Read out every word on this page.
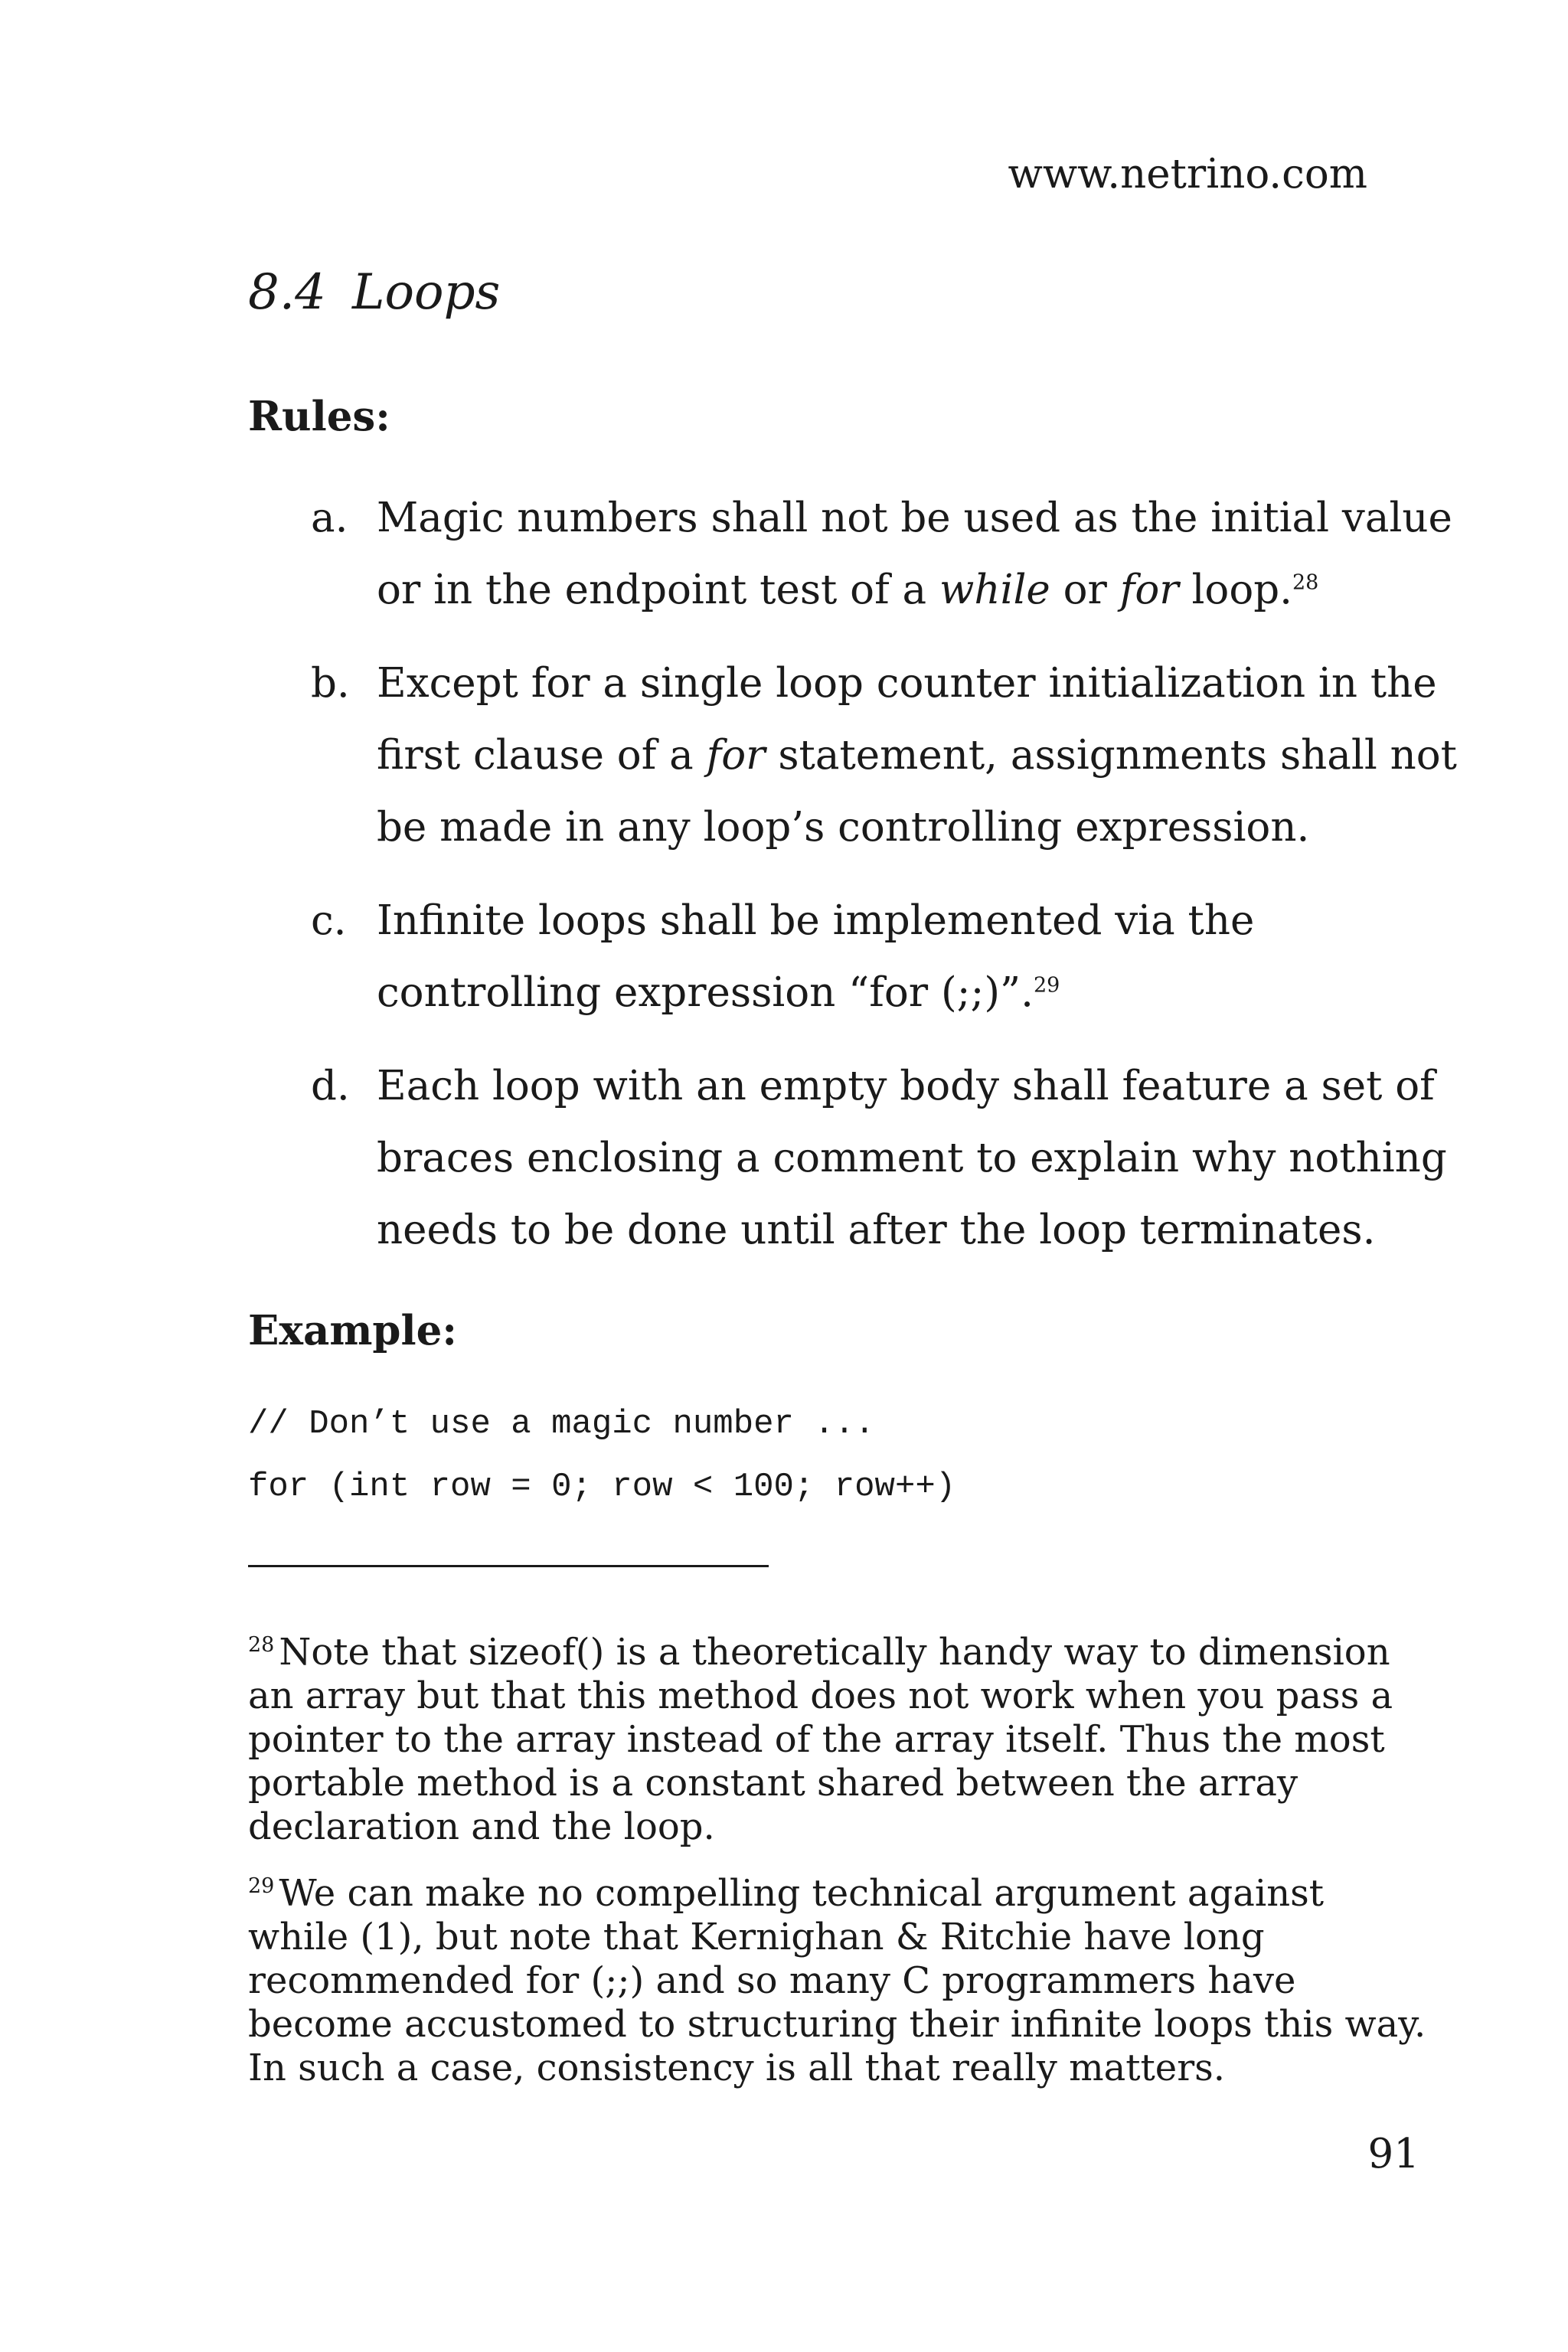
www.netrino.com
8.4 Loops
Rules:
a. Magic numbers shall not be used as the initial value or in the endpoint test of a while or for loop.$^{28}$
b. Except for a single loop counter initialization in the first clause of a for statement, assignments shall not be made in any loop’s controlling expression.
c. Infinite loops shall be implemented via the controlling expression “for (;;)”.$^{29}$
d. Each loop with an empty body shall feature a set of braces enclosing a comment to explain why nothing needs to be done until after the loop terminates.
Example:
// Don’t use a magic number ...
for (int row = 0; row < 100; row++)
$^{28}$ Note that sizeof() is a theoretically handy way to dimension an array but that this method does not work when you pass a pointer to the array instead of the array itself. Thus the most portable method is a constant shared between the array declaration and the loop.
$^{29}$ We can make no compelling technical argument against while (1), but note that Kernighan & Ritchie have long recommended for (;;) and so many C programmers have become accustomed to structuring their infinite loops this way. In such a case, consistency is all that really matters.
91
